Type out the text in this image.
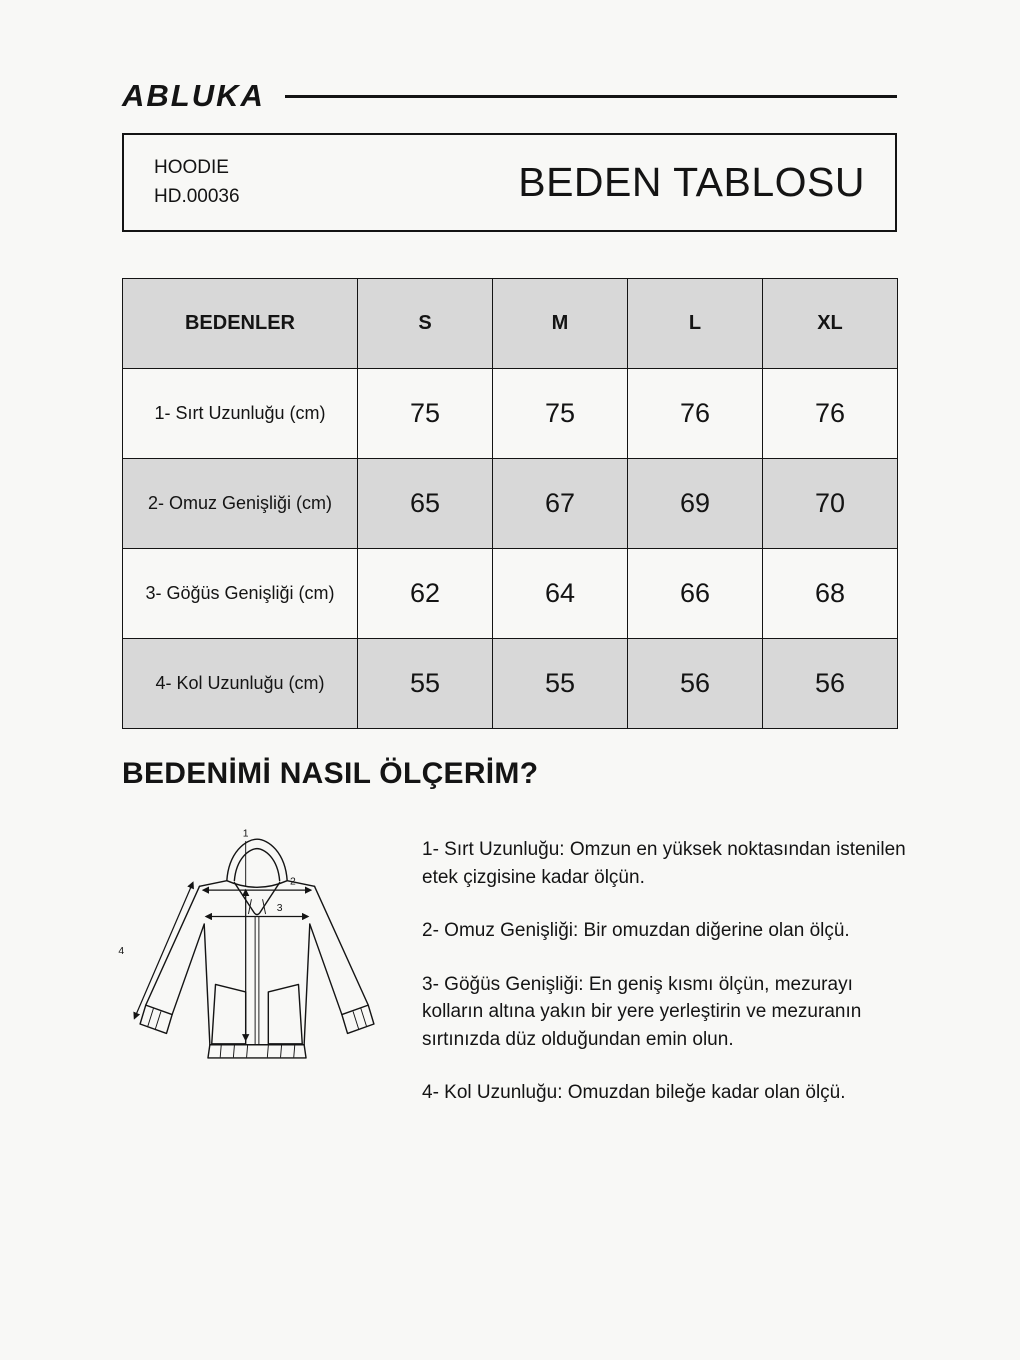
ABLUKA
HOODIE
HD.00036	BEDEN TABLOSU
BEDENLER	S	M	L	XL
1- Sırt Uzunluğu (cm)	75	75	76	76
2- Omuz Genişliği (cm)	65	67	69	70
3- Göğüs Genişliği (cm)	62	64	66	68
4- Kol Uzunluğu (cm)	55	55	56	56
BEDENİMİ NASIL ÖLÇERİM?
1
2
3
4

1- Sırt Uzunluğu: Omzun en yüksek noktasından istenilen etek çizgisine kadar ölçün.

2- Omuz Genişliği: Bir omuzdan diğerine olan ölçü.

3- Göğüs Genişliği: En geniş kısmı ölçün, mezurayı kolların altına yakın bir yere yerleştirin ve mezuranın sırtınızda düz olduğundan emin olun.

4- Kol Uzunluğu: Omuzdan bileğe kadar olan ölçü.
